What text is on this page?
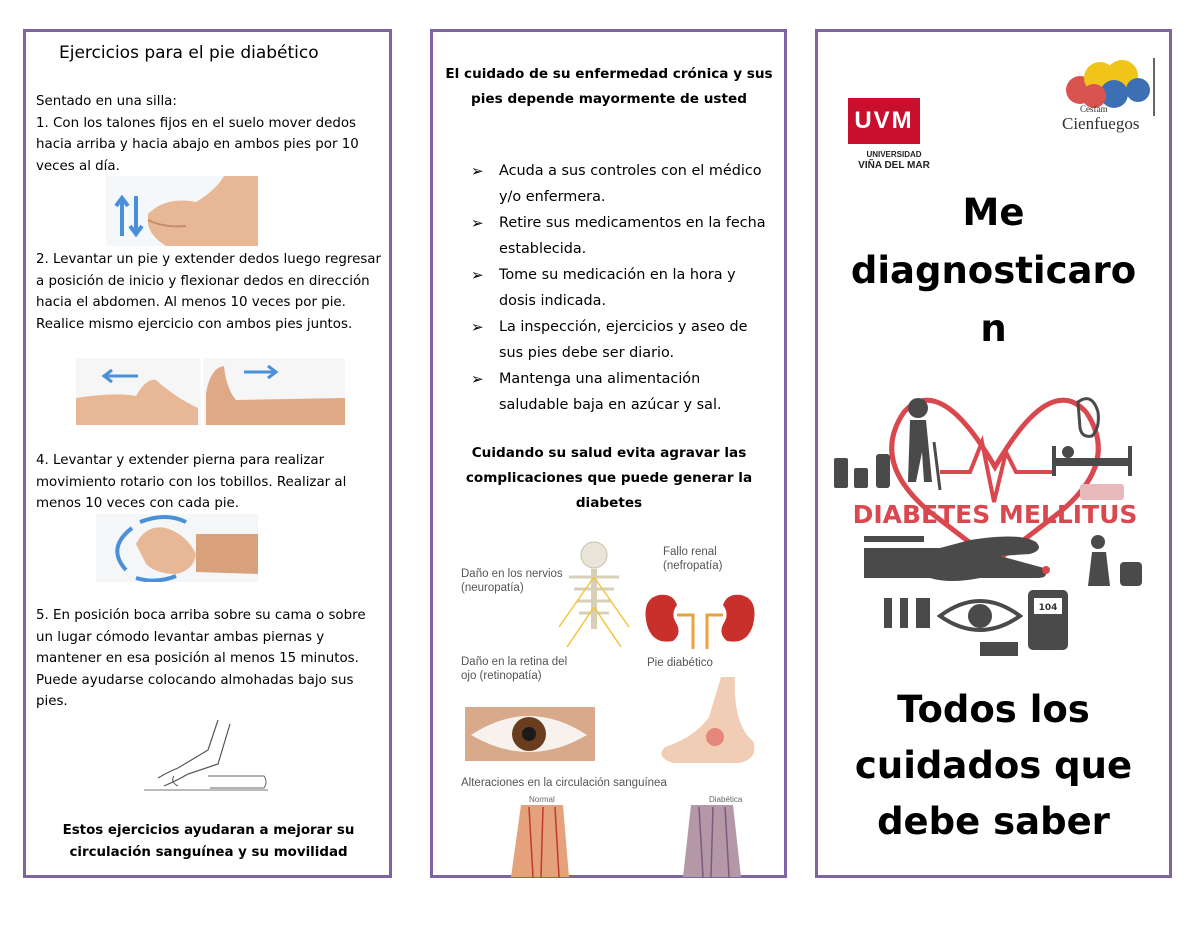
Ejercicios para el pie diabético
Sentado en una silla:
1. Con los talones fijos en el suelo mover dedos hacia arriba y hacia abajo en ambos pies por 10 veces al día.
2. Levantar un pie y extender dedos luego regresar a posición de inicio y flexionar dedos en dirección hacia el abdomen. Al menos 10 veces por pie. Realice mismo ejercicio con ambos pies juntos.
4. Levantar y extender pierna para realizar movimiento rotario con los tobillos. Realizar al menos 10 veces con cada pie.
5. En posición boca arriba sobre su cama o sobre un lugar cómodo levantar ambas piernas y mantener en esa posición al menos 15 minutos. Puede ayudarse colocando almohadas bajo sus pies.
Estos ejercicios ayudaran a mejorar su circulación sanguínea y su movilidad
El cuidado de su enfermedad crónica y sus pies depende mayormente de usted
➢ Acuda a sus controles con el médico y/o enfermera.
➢ Retire sus medicamentos en la fecha establecida.
➢ Tome su medicación en la hora y dosis indicada.
➢ La inspección, ejercicios y aseo de sus pies debe ser diario.
➢ Mantenga una alimentación saludable baja en azúcar y sal.
Cuidando su salud evita agravar las complicaciones que puede generar la diabetes
Daño en los nervios (neuropatía)
Fallo renal (nefropatía)
Daño en la retina del ojo (retinopatía)
Pie diabético
Alteraciones en la circulación sanguínea
Normal	Diabética
UVM
UNIVERSIDAD
VIÑA DEL MAR
Cesfam
Cienfuegos
Me
diagnosticaro
n
DIABETES MELLITUS
104
Todos los
cuidados que
debe saber
